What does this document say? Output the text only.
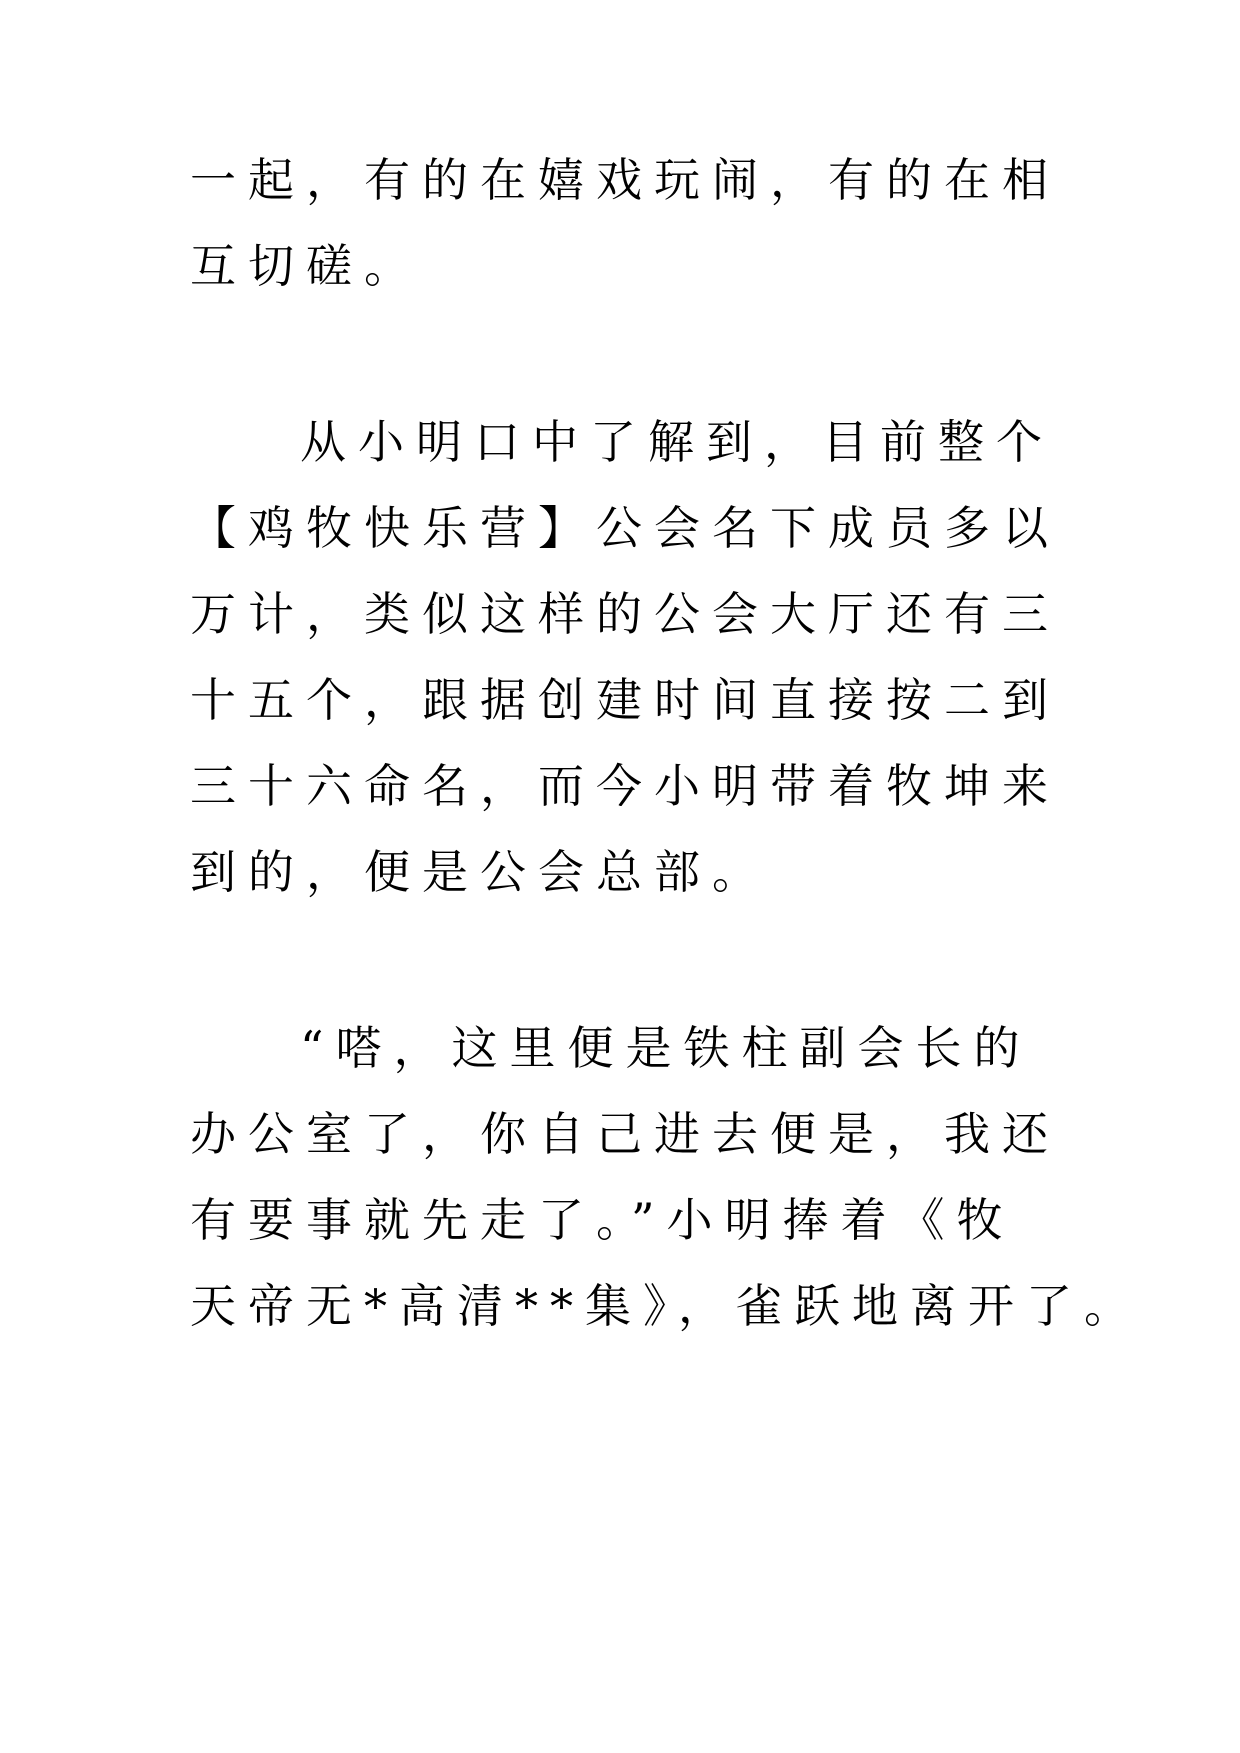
一起，有的在嬉戏玩闹，有的在相
互切磋。
从小明口中了解到，目前整个
【鸡牧快乐营】公会名下成员多以
万计，类似这样的公会大厅还有三
十五个，跟据创建时间直接按二到
三十六命名，而今小明带着牧坤来
到的，便是公会总部。
“嗒，这里便是铁柱副会长的
办公室了，你自己进去便是，我还
有要事就先走了。”小明捧着《牧
天帝无*高清**集》，雀跃地离开了。
